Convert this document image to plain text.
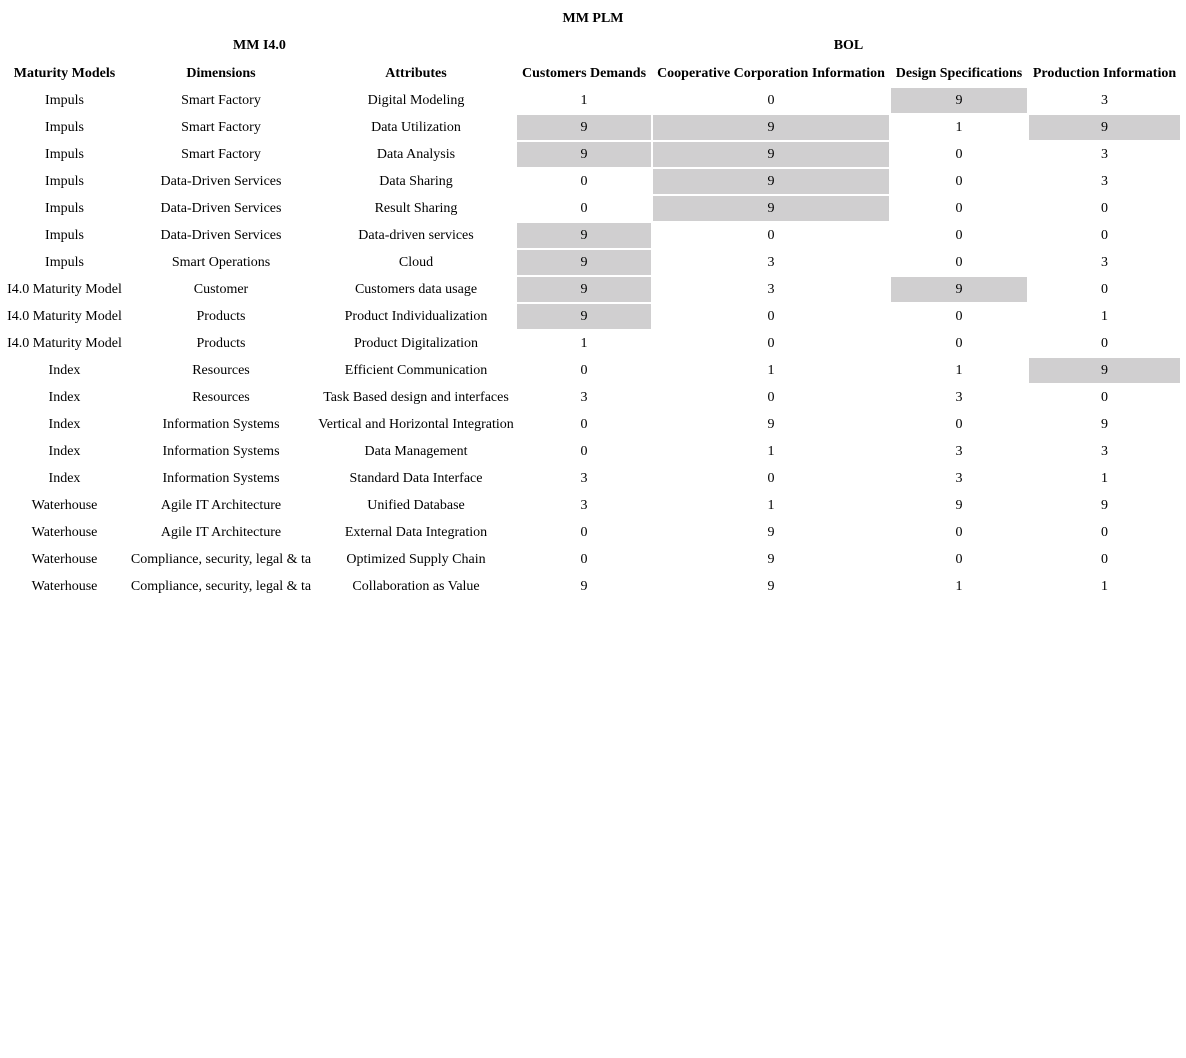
MM PLM
MM I4.0	BOL
Maturity Models	Dimensions	Attributes	Customers Demands	Cooperative Corporation Information	Design Specifications	Production Information
Impuls	Smart Factory	Digital Modeling	1	0	9	3
Impuls	Smart Factory	Data Utilization	9	9	1	9
Impuls	Smart Factory	Data Analysis	9	9	0	3
Impuls	Data-Driven Services	Data Sharing	0	9	0	3
Impuls	Data-Driven Services	Result Sharing	0	9	0	0
Impuls	Data-Driven Services	Data-driven services	9	0	0	0
Impuls	Smart Operations	Cloud	9	3	0	3
I4.0 Maturity Model	Customer	Customers data usage	9	3	9	0
I4.0 Maturity Model	Products	Product Individualization	9	0	0	1
I4.0 Maturity Model	Products	Product Digitalization	1	0	0	0
Index	Resources	Efficient Communication	0	1	1	9
Index	Resources	Task Based design and interfaces	3	0	3	0
Index	Information Systems	Vertical and Horizontal Integration	0	9	0	9
Index	Information Systems	Data Management	0	1	3	3
Index	Information Systems	Standard Data Interface	3	0	3	1
Waterhouse	Agile IT Architecture	Unified Database	3	1	9	9
Waterhouse	Agile IT Architecture	External Data Integration	0	9	0	0
Waterhouse	Compliance, security, legal & ta	Optimized Supply Chain	0	9	0	0
Waterhouse	Compliance, security, legal & ta	Collaboration as Value	9	9	1	1
